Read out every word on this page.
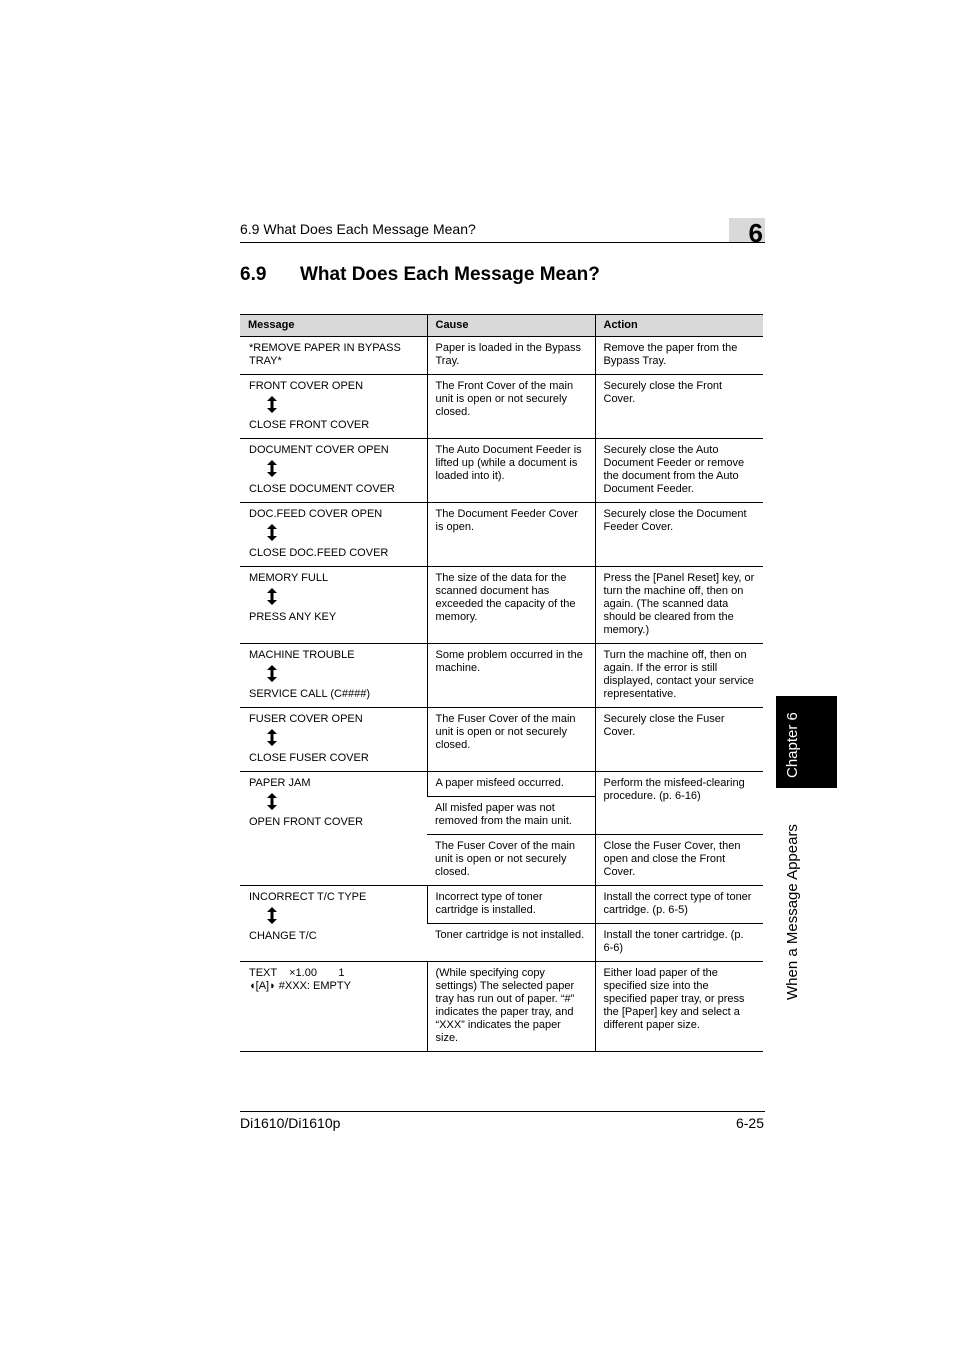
6.9 What Does Each Message Mean?	6
6.9 What Does Each Message Mean?
Message	Cause	Action

*REMOVE PAPER IN BYPASS TRAY*	Paper is loaded in the Bypass Tray.	Remove the paper from the Bypass Tray.

FRONT COVER OPEN
CLOSE FRONT COVER	The Front Cover of the main unit is open or not securely closed.	Securely close the Front Cover.

DOCUMENT COVER OPEN
CLOSE DOCUMENT COVER	The Auto Document Feeder is lifted up (while a document is loaded into it).	Securely close the Auto Document Feeder or remove the document from the Auto Document Feeder.

DOC.FEED COVER OPEN
CLOSE DOC.FEED COVER	The Document Feeder Cover is open.	Securely close the Document Feeder Cover.

MEMORY FULL
PRESS ANY KEY	The size of the data for the scanned document has exceeded the capacity of the memory.	Press the [Panel Reset] key, or turn the machine off, then on again. (The scanned data should be cleared from the memory.)

MACHINE TROUBLE
SERVICE CALL (C####)	Some problem occurred in the machine.	Turn the machine off, then on again. If the error is still displayed, contact your service representative.

FUSER COVER OPEN
CLOSE FUSER COVER	The Fuser Cover of the main unit is open or not securely closed.	Securely close the Fuser Cover.

PAPER JAM
OPEN FRONT COVER	A paper misfeed occurred.	Perform the misfeed-clearing procedure. (p. 6-16)
	All misfed paper was not removed from the main unit.	
	The Fuser Cover of the main unit is open or not securely closed.	Close the Fuser Cover, then open and close the Front Cover.

INCORRECT T/C TYPE
CHANGE T/C	Incorrect type of toner cartridge is installed.	Install the correct type of toner cartridge. (p. 6-5)
	Toner cartridge is not installed.	Install the toner cartridge. (p. 6-6)

TEXT    ×1.00       1
◖[A]◗ #XXX: EMPTY	(While specifying copy settings) The selected paper tray has run out of paper. “#” indicates the paper tray, and “XXX” indicates the paper size.	Either load paper of the specified size into the specified paper tray, or press the [Paper] key and select a different paper size.
Chapter 6
When a Message Appears
Di1610/Di1610p	6-25
